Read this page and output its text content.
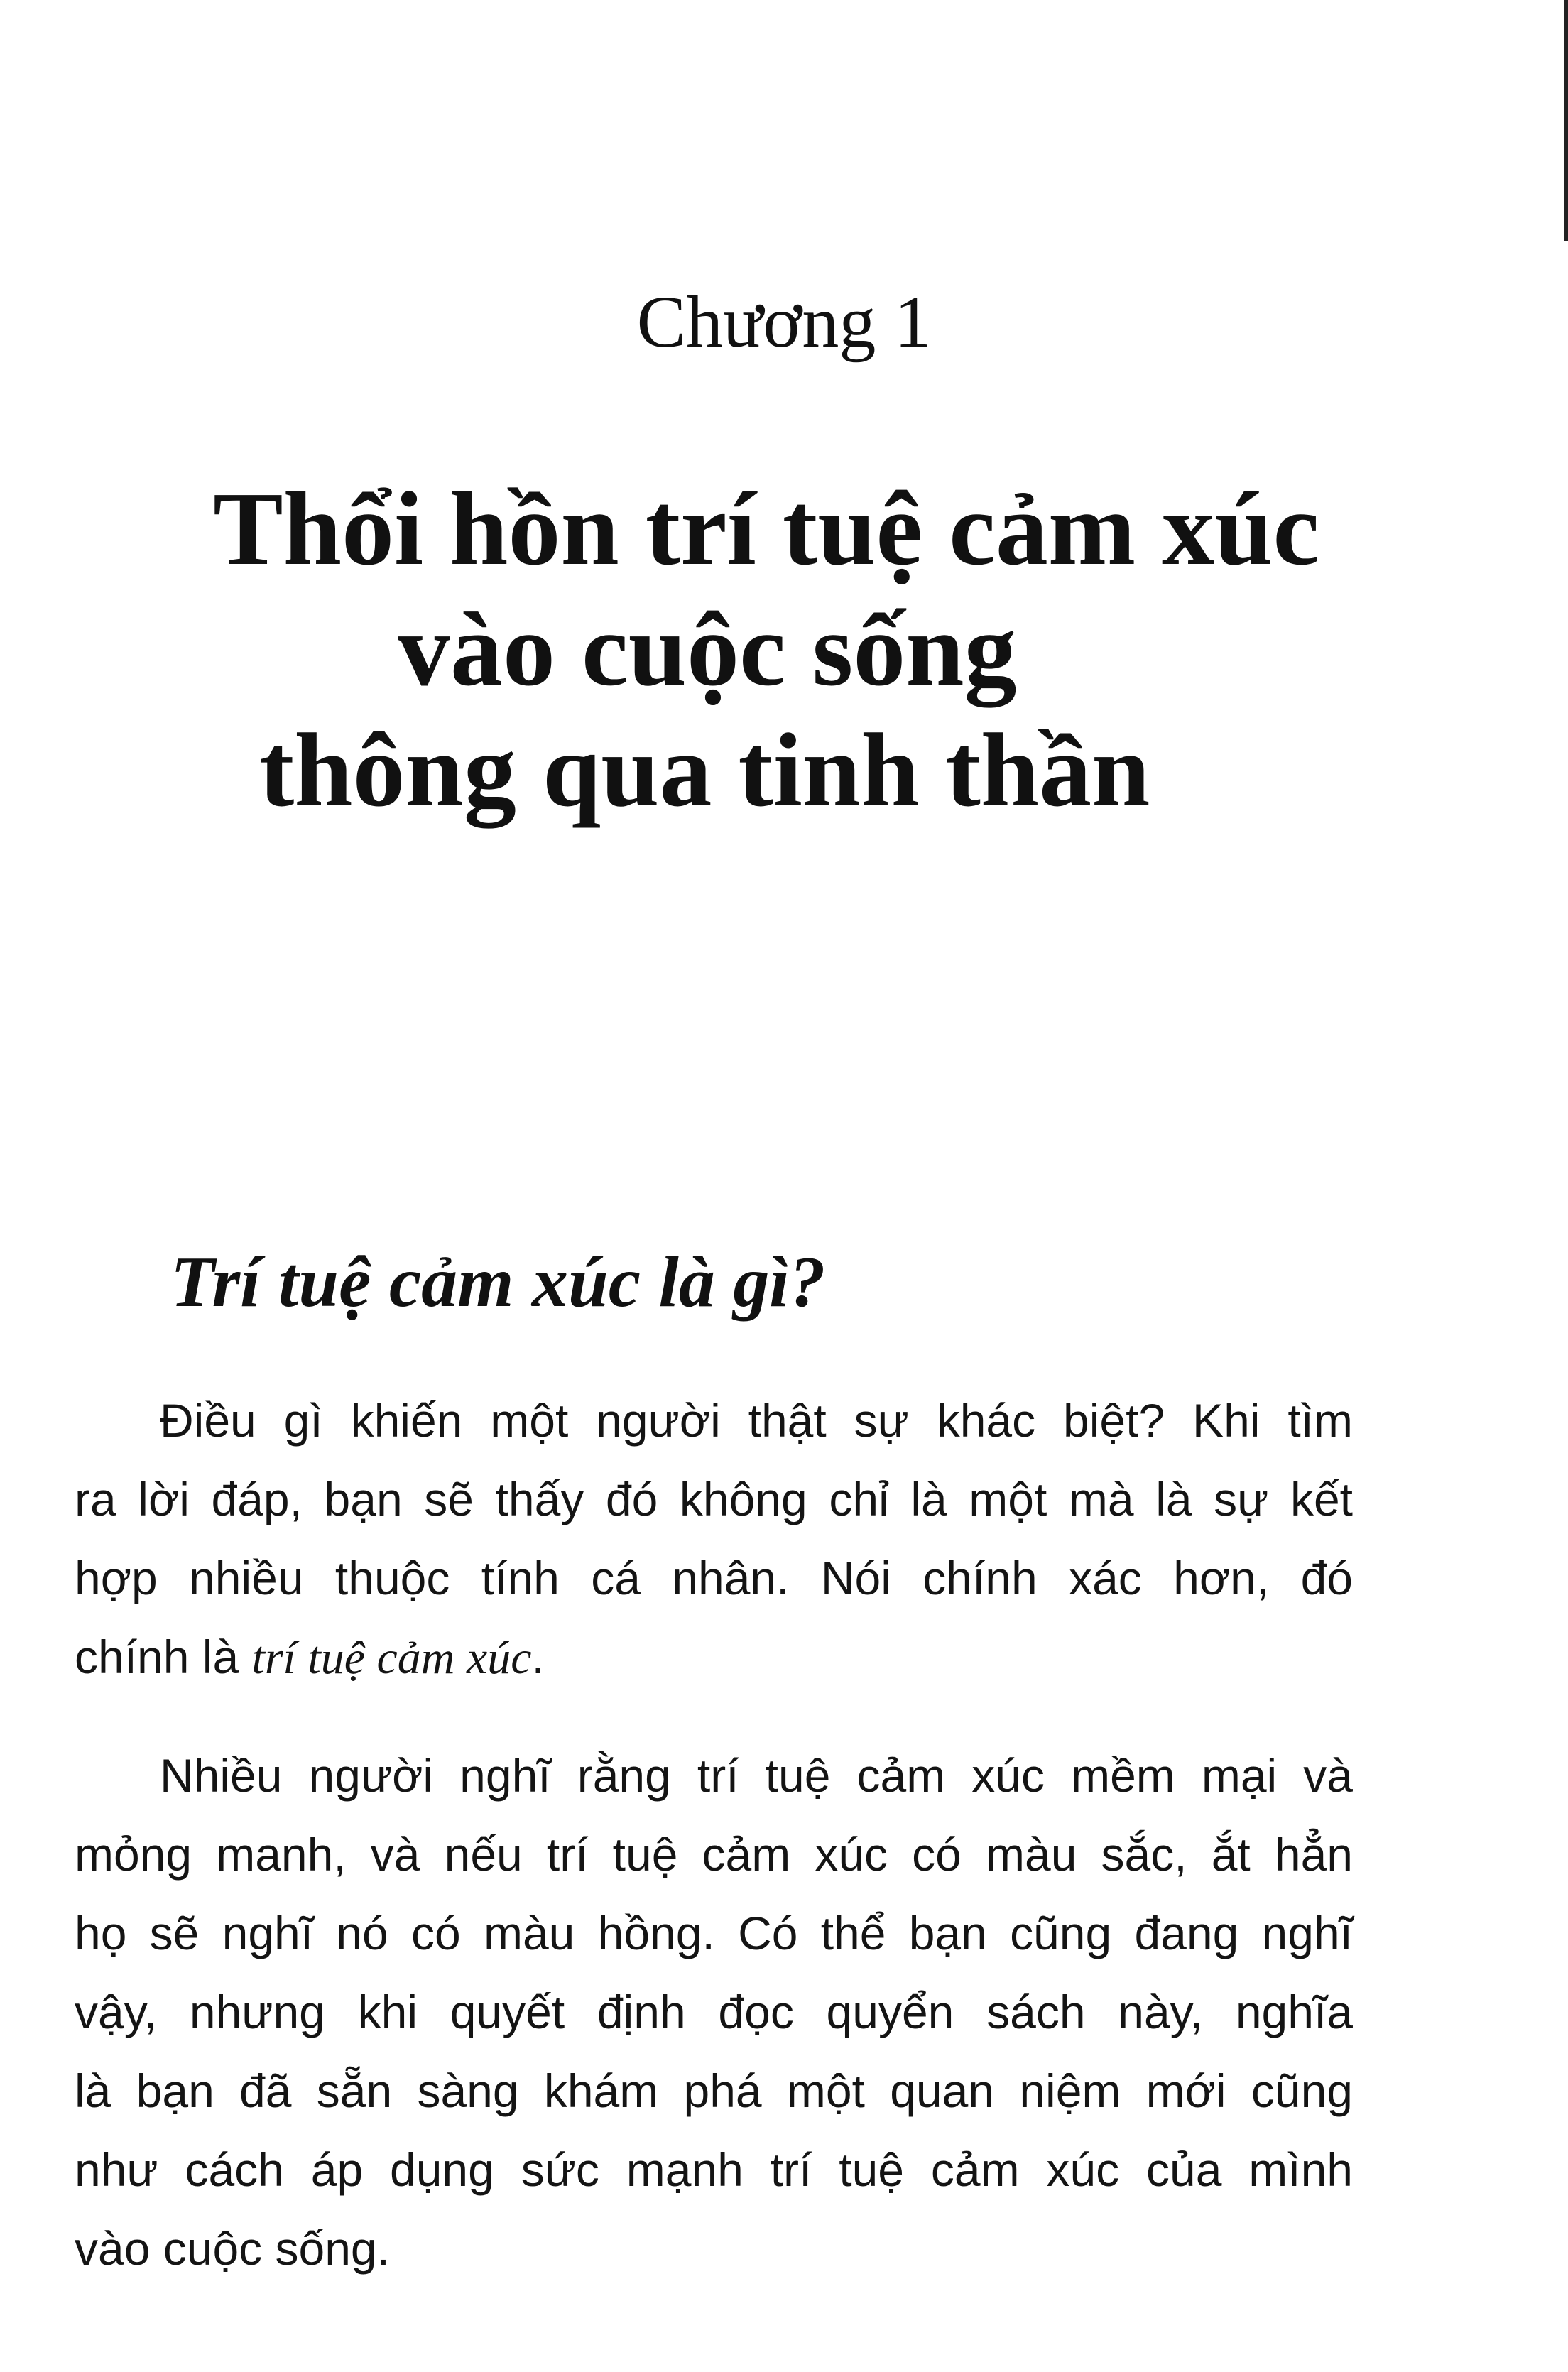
Chương 1
Thổi hồn trí tuệ cảm xúc
vào cuộc sống
thông qua tinh thần
Trí tuệ cảm xúc là gì?

Điều gì khiến một người thật sự khác biệt? Khi tìm
ra lời đáp, bạn sẽ thấy đó không chỉ là một mà là sự kết
hợp nhiều thuộc tính cá nhân. Nói chính xác hơn, đó
chính là trí tuệ cảm xúc.

Nhiều người nghĩ rằng trí tuệ cảm xúc mềm mại và
mỏng manh, và nếu trí tuệ cảm xúc có màu sắc, ắt hẳn
họ sẽ nghĩ nó có màu hồng. Có thể bạn cũng đang nghĩ
vậy, nhưng khi quyết định đọc quyển sách này, nghĩa
là bạn đã sẵn sàng khám phá một quan niệm mới cũng
như cách áp dụng sức mạnh trí tuệ cảm xúc của mình
vào cuộc sống.
